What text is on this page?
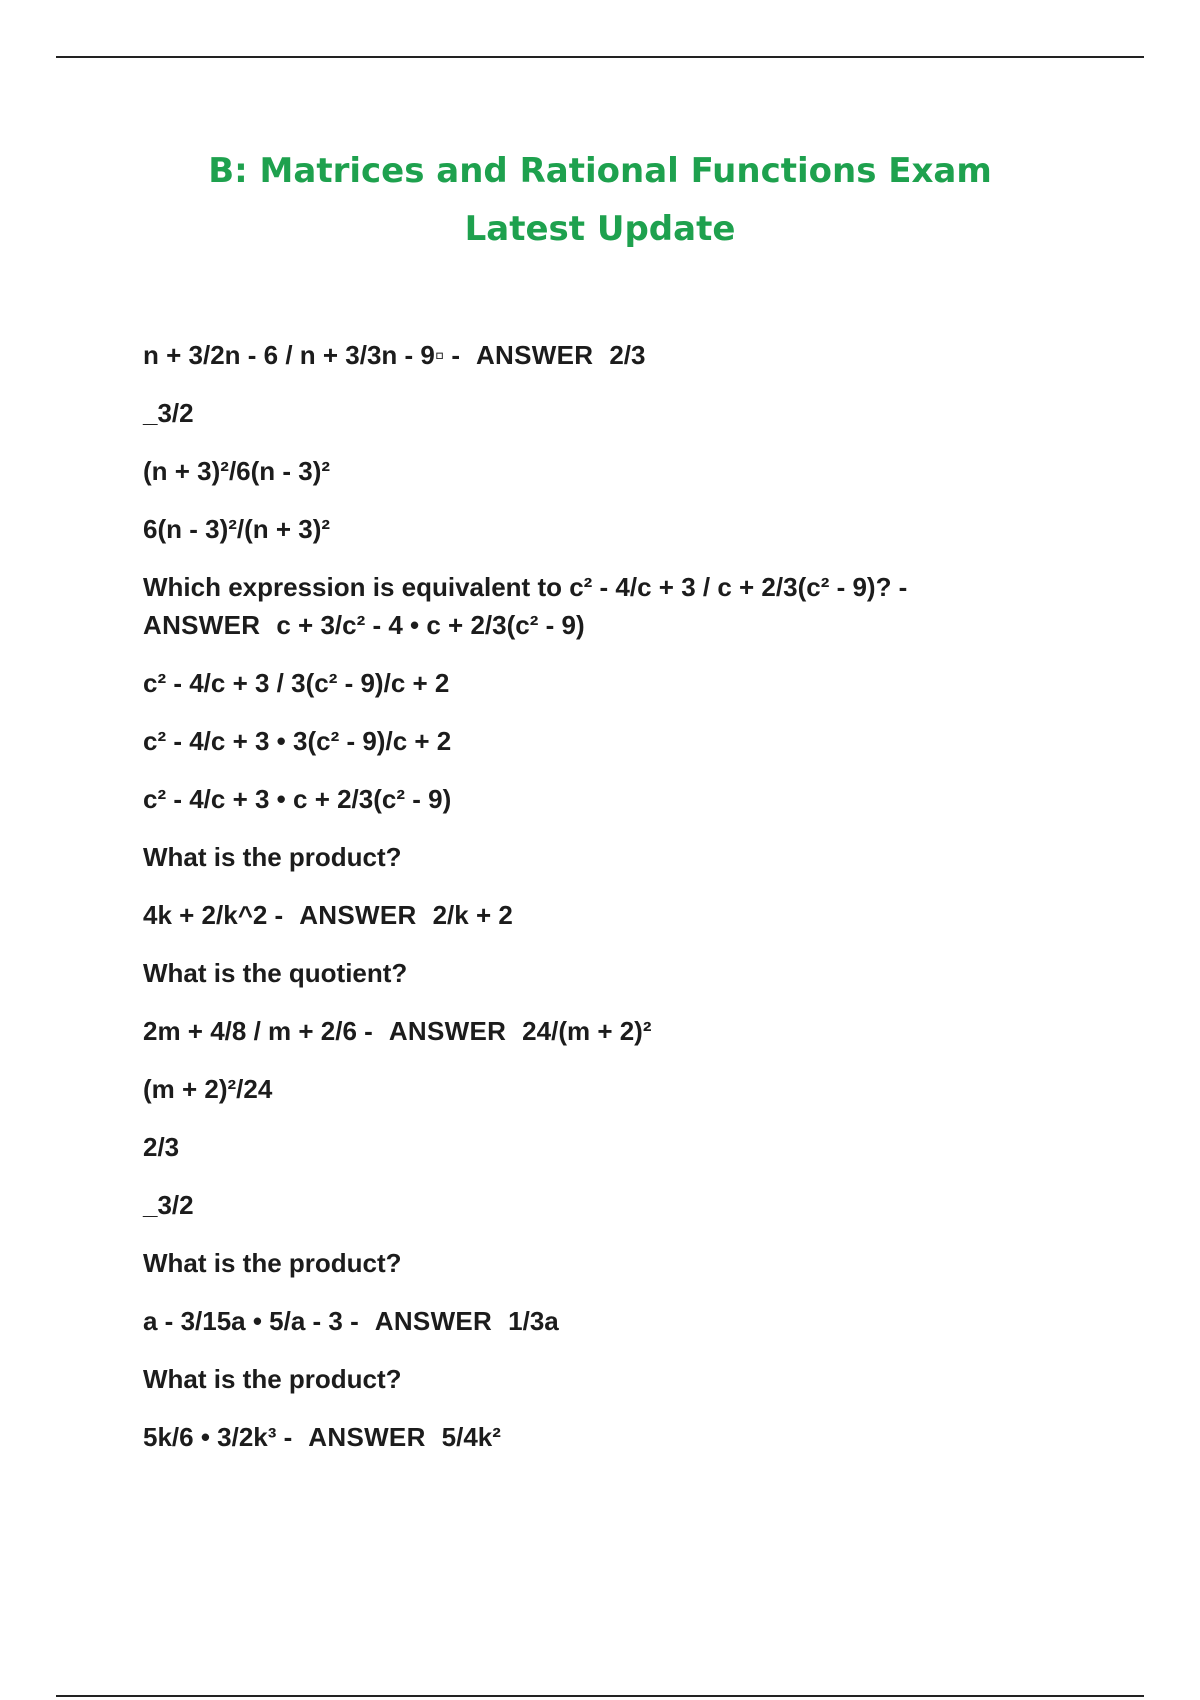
B: Matrices and Rational Functions Exam
Latest Update
n + 3/2n - 6 / n + 3/3n - 9▫ - ANSWER 2/3
_3/2
(n + 3)²/6(n - 3)²
6(n - 3)²/(n + 3)²
Which expression is equivalent to c² - 4/c + 3 / c + 2/3(c² - 9)? -
ANSWER c + 3/c² - 4 • c + 2/3(c² - 9)
c² - 4/c + 3 / 3(c² - 9)/c + 2
c² - 4/c + 3 • 3(c² - 9)/c + 2
c² - 4/c + 3 • c + 2/3(c² - 9)
What is the product?
4k + 2/k^2 - ANSWER 2/k + 2
What is the quotient?
2m + 4/8 / m + 2/6 - ANSWER 24/(m + 2)²
(m + 2)²/24
2/3
_3/2
What is the product?
a - 3/15a • 5/a - 3 - ANSWER 1/3a
What is the product?
5k/6 • 3/2k³ - ANSWER 5/4k²
